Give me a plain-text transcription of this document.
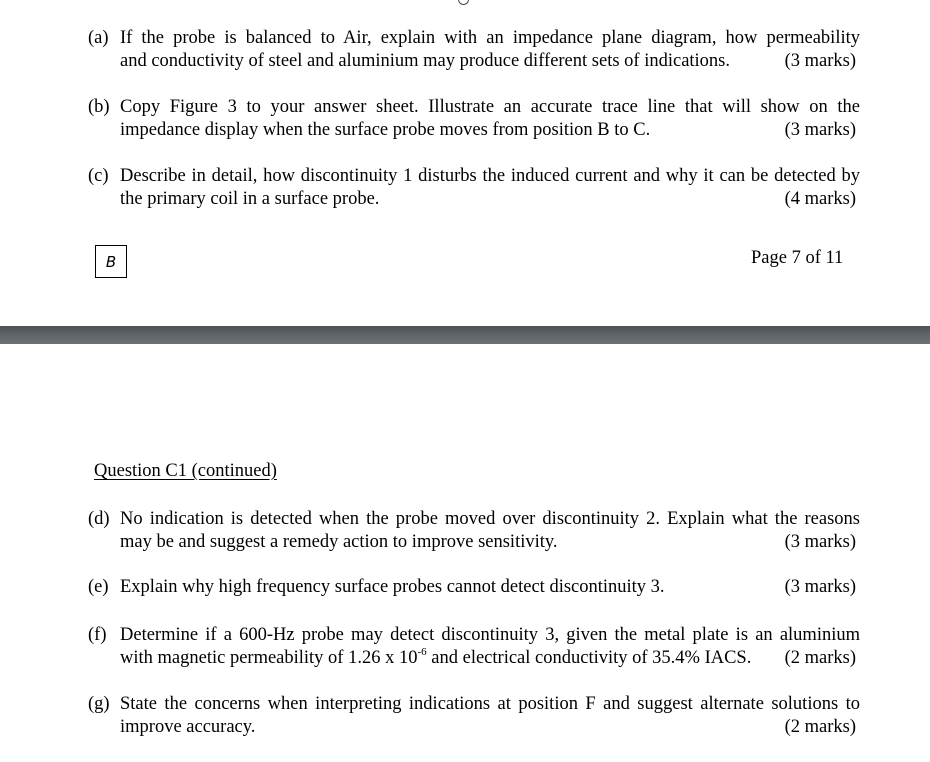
(a) If the probe is balanced to Air, explain with an impedance plane diagram, how permeability
and conductivity of steel and aluminium may produce different sets of indications.	(3 marks)
(b) Copy Figure 3 to your answer sheet. Illustrate an accurate trace line that will show on the
impedance display when the surface probe moves from position B to C.	(3 marks)
(c) Describe in detail, how discontinuity 1 disturbs the induced current and why it can be detected by
the primary coil in a surface probe.	(4 marks)
B	Page 7 of 11
Question C1 (continued)
(d) No indication is detected when the probe moved over discontinuity 2. Explain what the reasons
may be and suggest a remedy action to improve sensitivity.	(3 marks)
(e) Explain why high frequency surface probes cannot detect discontinuity 3.	(3 marks)
(f) Determine if a 600-Hz probe may detect discontinuity 3, given the metal plate is an aluminium
with magnetic permeability of 1.26 x $10^{-6}$ and electrical conductivity of 35.4% IACS. (2 marks)
(g) State the concerns when interpreting indications at position F and suggest alternate solutions to
improve accuracy.	(2 marks)
